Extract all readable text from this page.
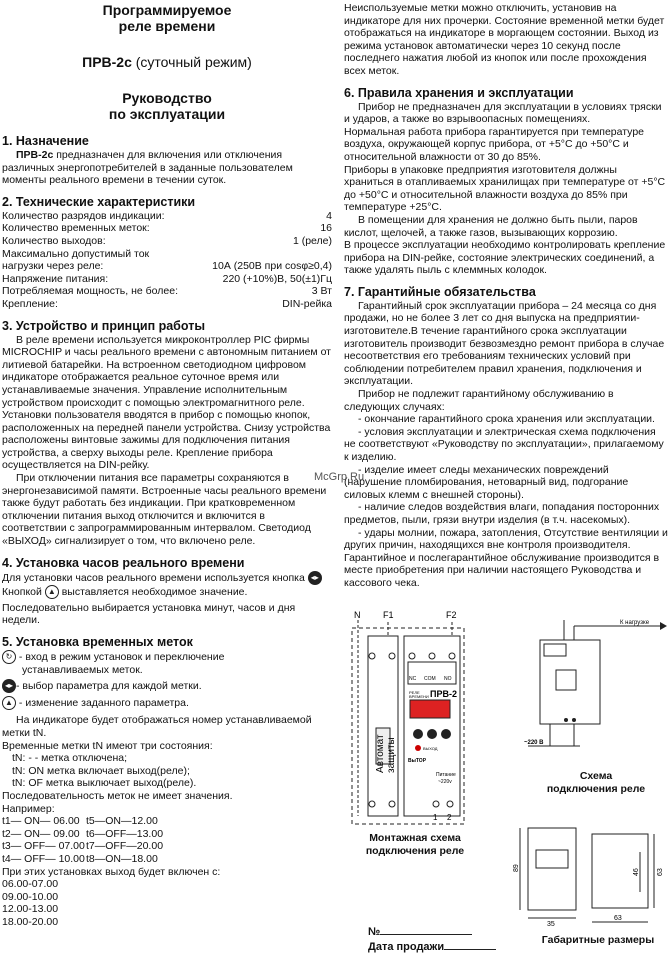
Программируемое
реле времени
ПРВ-2с (суточный режим)
Руководство
по эксплуатации
1. Назначение

ПРВ-2с предназначен для включения или отключения различных энергопотребителей в заданные пользователем моменты реального времени в течении суток.

2. Технические характеристики
Количество разрядов индикации:	4
Количество временных меток:	16
Количество выходов:	1 (реле)
Максимально допустимый ток
нагрузки через реле:	10А (250В при cosφ≥0,4)
Напряжение питания:	220 (+10%)В, 50(±1)Гц
Потребляемая мощность, не более:	3 Вт
Крепление:	DIN-рейка
3. Устройство и принцип работы

В реле времени используется микроконтроллер PIC фирмы MICROCHIP и часы реального времени с автономным питанием от литиевой батарейки. На встроенном светодиодном цифровом индикаторе отображается реальное суточное время или устанавливаемые значения. Управление исполнительным устройством происходит с помощью электромагнитного реле.

Установки пользователя вводятся в прибор с помощью кнопок, расположенных на передней панели устройства. Снизу устройства расположены винтовые зажимы для подключения питания устройства, а сверху выходы реле. Крепление прибора осуществляется на DIN-рейку.

При отключении питания все параметры сохраняются в энергонезависимой памяти. Встроенные часы реального времени также будут работать без индикации. При кратковременном отключении питания выход отключится и включится в соответствии с запрограммированным интервалом. Светодиод «ВЫХОД» сигнализирует о том, что включено реле.

4. Установка часов реального времени

Для установки часов реального времени используется кнопка ◂▸

Кнопкой ▲ выставляется необходимое значение.

Последовательно выбирается установка минут, часов и дня недели.

5. Установка временных меток

↻ - вход в режим установок и переключение

устанавливаемых меток.

◂▸ - выбор параметра для каждой метки.

▲ - изменение заданного параметра.

На индикаторе будет отображаться номер устанавливаемой метки tN.

Временные метки tN имеют три состояния:

tN: - - метка отключена;
tN: ON метка включает выход(реле);
tN: OF метка выключает выход(реле).

Последовательность меток не имеет значения.

Например:

t1— ON— 06.00 t5—ON—12.00
t2— ON— 09.00 t6—OFF—13.00
t3— OFF— 07.00t7—OFF—20.00
t4— OFF— 10.00t8—ON—18.00

При этих установках выход будет включен с:

06.00-07.00
09.00-10.00
12.00-13.00
18.00-20.00

Неиспользуемые метки можно отключить, установив на индикаторе для них прочерки. Состояние временной метки будет отображаться на индикаторе в моргающем состоянии. Выход из режима установок автоматически через 10 секунд после последнего нажатия любой из кнопок или после прохождения всех меток.

6. Правила хранения и эксплуатации

Прибор не предназначен для эксплуатации в условиях тряски и ударов, а также во взрывоопасных помещениях.

Нормальная работа прибора гарантируется при температуре воздуха, окружающей корпус прибора, от +5°С до +50°С и относительной влажности от 30 до 85%.

Приборы в упаковке предприятия изготовителя должны храниться в отапливаемых хранилищах при температуре от +5°С до +50°С и относительной влажности воздуха до 85% при температуре +25°С.

В помещении для хранения не должно быть пыли, паров кислот, щелочей, а также газов, вызывающих коррозию.

В процессе эксплуатации необходимо контролировать крепление прибора на DIN-рейке, состояние электрических соединений, а также удалять пыль с клеммных колодок.

7. Гарантийные обязательства

Гарантийный срок эксплуатации прибора – 24 месяца со дня продажи, но не более 3 лет со дня выпуска на предприятии-изготовителе.В течение гарантийного срока эксплуатации изготовитель производит безвозмездно ремонт прибора в случае несоответствия его требованиям технических условий при соблюдении потребителем правил хранения, подключения и эксплуатации.

Прибор не подлежит гарантийному обслуживанию в следующих случаях:

- окончание гарантийного срока хранения или эксплуатации.

- условия эксплуатации и электрическая схема подключения не соответствуют «Руководству по эксплуатации», прилагаемому к изделию.

- изделие имеет следы механических повреждений (нарушение пломбирования, нетоварный вид, подгорание силовых клемм с внешней стороны).

- наличие следов воздействия влаги, попадания посторонних предметов, пыли, грязи внутри изделия (в т.ч. насекомых).

- удары молнии, пожара, затопления, Отсутствие вентиляции и других причин, находящихся вне контроля производителя.

Гарантийное и послегарантийное обслуживание производится в месте приобретения при наличии настоящего Руководства и кассового чека.

McGrp.Ru
N	F1	F2
Автомат защиты
РЕЛЕ
ВРЕМЕНИ ПРВ-2
NC COM NO
ВЫХОД
ВыТОР
Питание
~220v
1 2
Монтажная схема
подключения реле
К нагрузке
~220 В
Схема
подключения реле
89
35
63
46 63
Габаритные размеры
№
Дата продажи
